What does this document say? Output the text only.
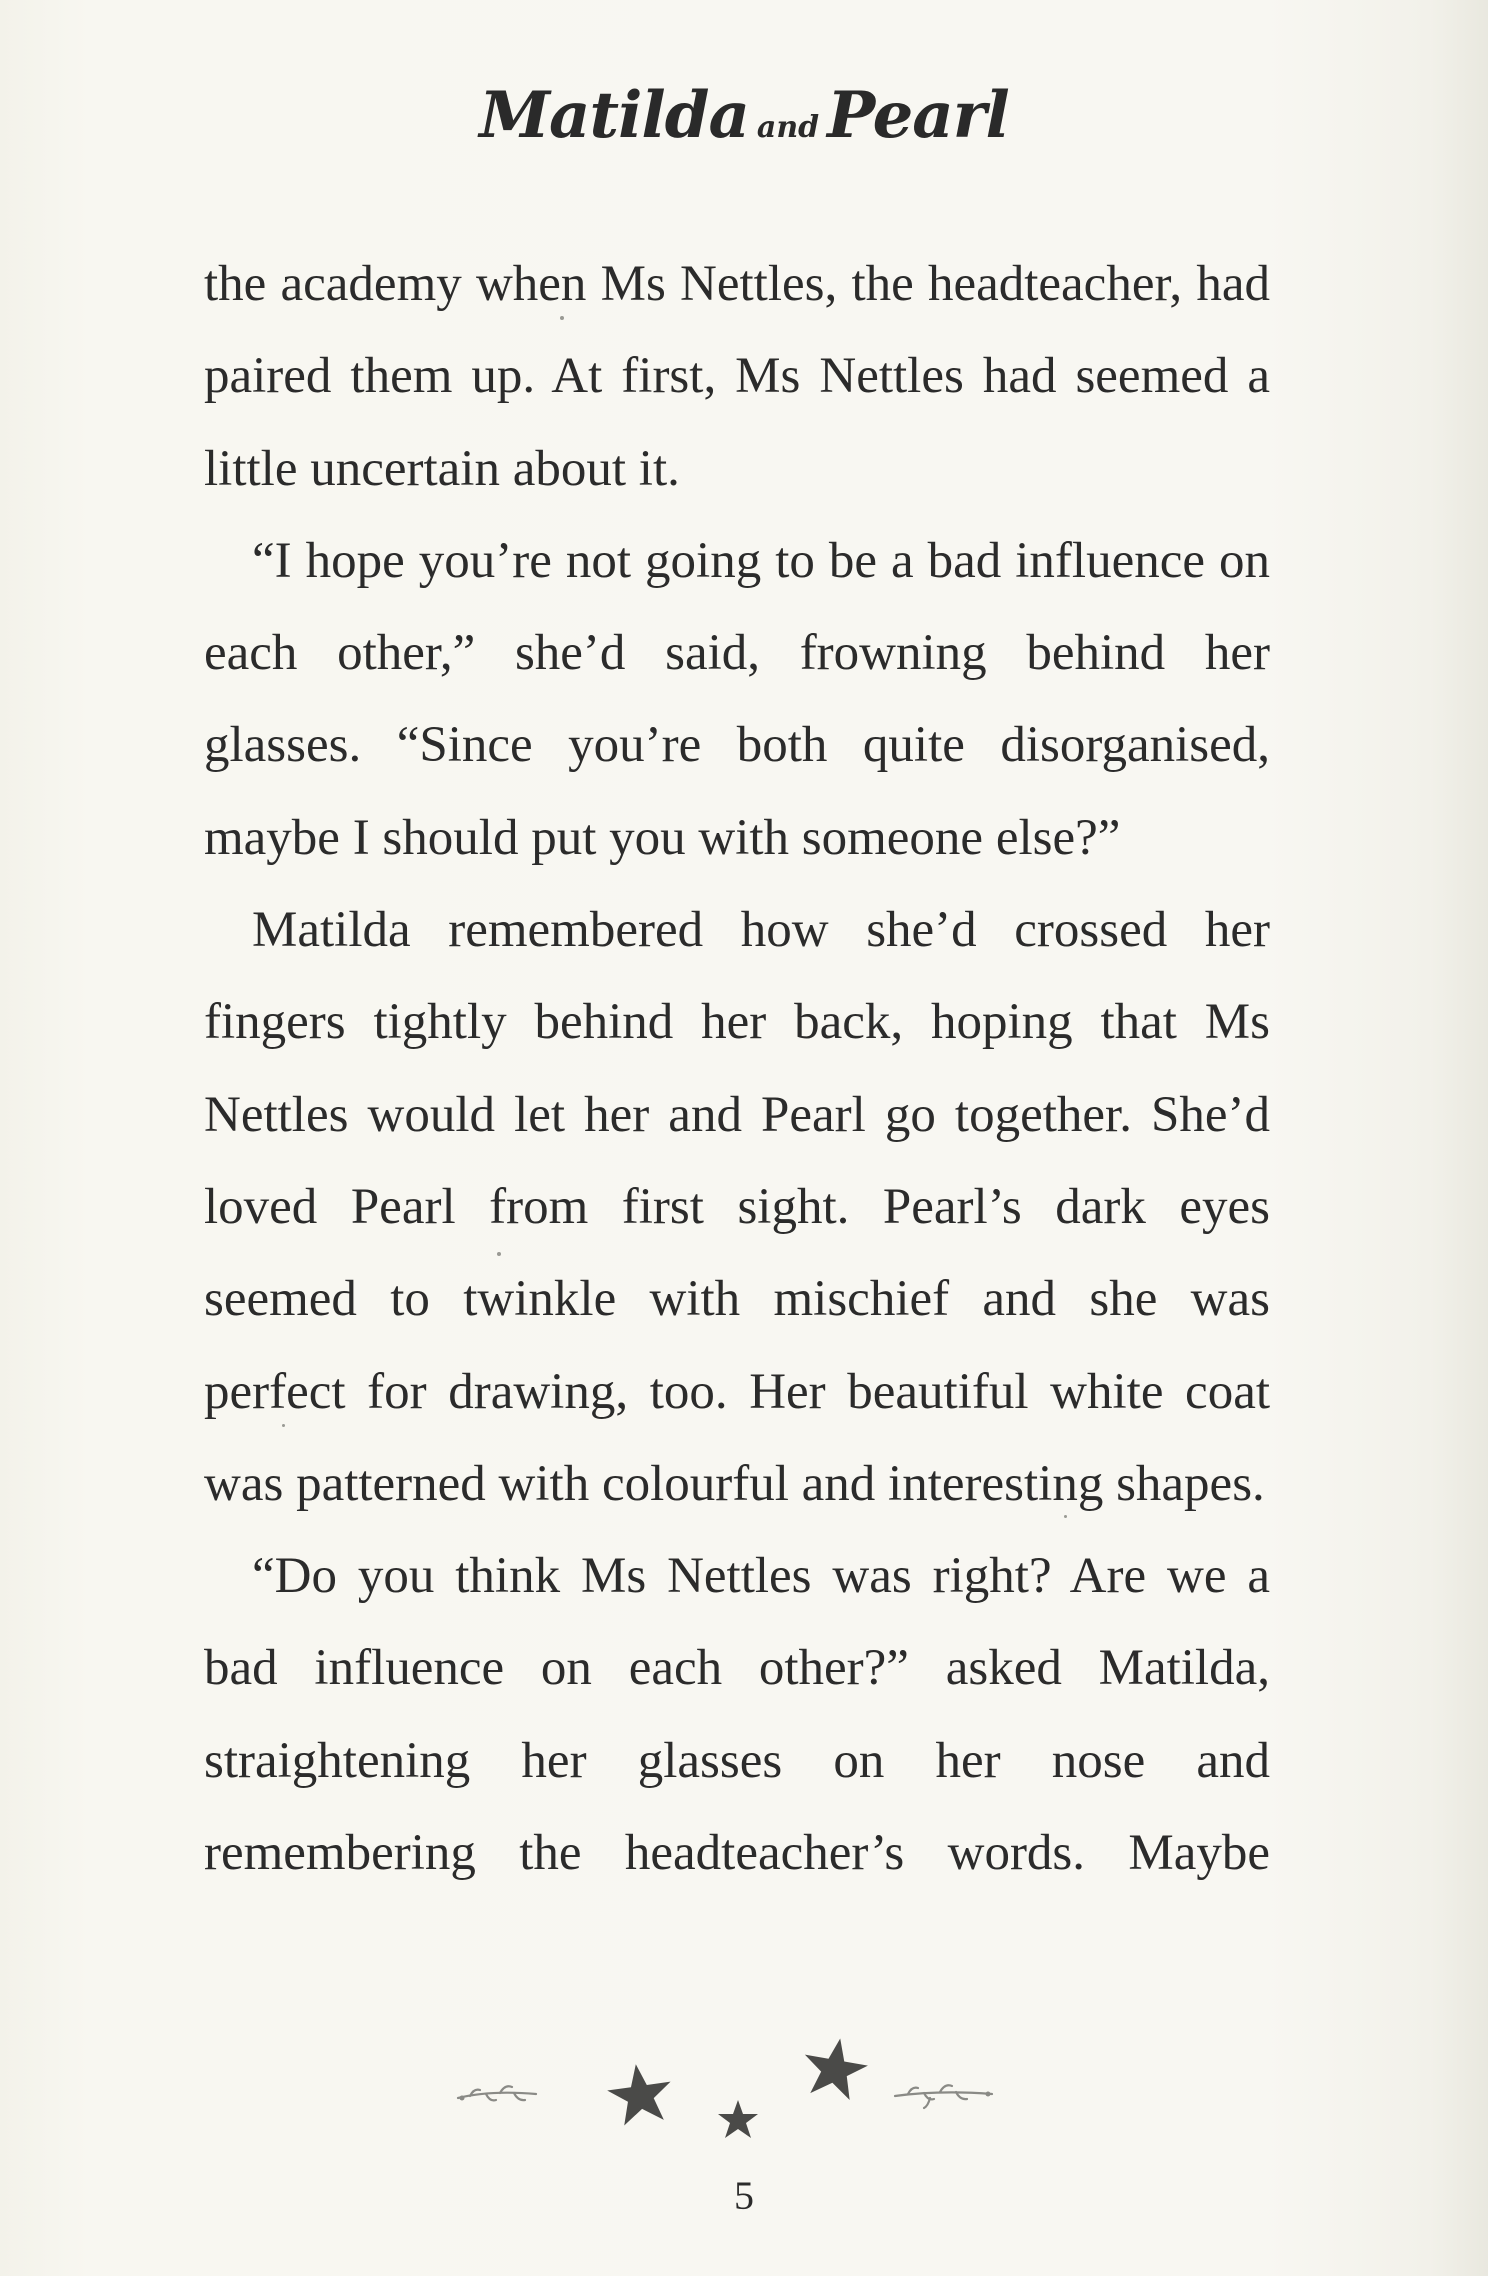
Matilda and Pearl

the academy when Ms Nettles, the headteacher, had paired them up. At first, Ms Nettles had seemed a little uncertain about it.

“I hope you’re not going to be a bad influence on each other,” she’d said, frowning behind her glasses. “Since you’re both quite disorganised, maybe I should put you with someone else?”

Matilda remembered how she’d crossed her fingers tightly behind her back, hoping that Ms Nettles would let her and Pearl go together. She’d loved Pearl from first sight. Pearl’s dark eyes seemed to twinkle with mischief and she was perfect for drawing, too. Her beautiful white coat was patterned with colourful and interesting shapes.

“Do you think Ms Nettles was right? Are we a bad influence on each other?” asked Matilda, straightening her glasses on her nose and remembering the headteacher’s words. Maybe

5
